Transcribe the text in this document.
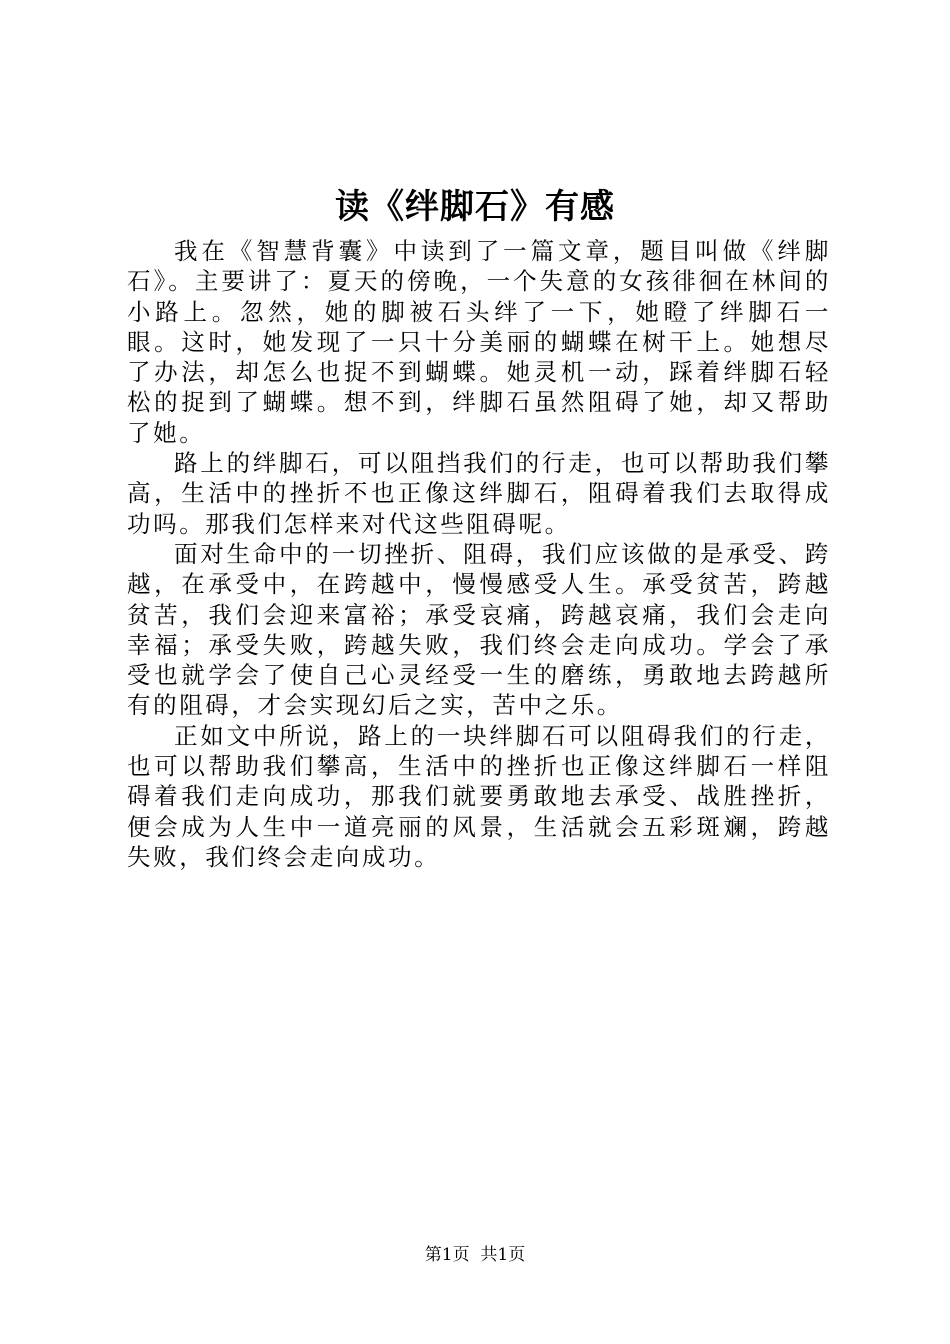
读《绊脚石》有感

我在《智慧背囊》中读到了一篇文章，题目叫做《绊脚石》。主要讲了：夏天的傍晚，一个失意的女孩徘徊在林间的小路上。忽然，她的脚被石头绊了一下，她瞪了绊脚石一眼。这时，她发现了一只十分美丽的蝴蝶在树干上。她想尽了办法，却怎么也捉不到蝴蝶。她灵机一动，踩着绊脚石轻松的捉到了蝴蝶。想不到，绊脚石虽然阻碍了她，却又帮助了她。

路上的绊脚石，可以阻挡我们的行走，也可以帮助我们攀高，生活中的挫折不也正像这绊脚石，阻碍着我们去取得成功吗。那我们怎样来对代这些阻碍呢。

面对生命中的一切挫折、阻碍，我们应该做的是承受、跨越，在承受中，在跨越中，慢慢感受人生。承受贫苦，跨越贫苦，我们会迎来富裕；承受哀痛，跨越哀痛，我们会走向幸福；承受失败，跨越失败，我们终会走向成功。学会了承受也就学会了使自己心灵经受一生的磨练，勇敢地去跨越所有的阻碍，才会实现幻后之实，苦中之乐。

正如文中所说，路上的一块绊脚石可以阻碍我们的行走，也可以帮助我们攀高，生活中的挫折也正像这绊脚石一样阻碍着我们走向成功，那我们就要勇敢地去承受、战胜挫折，便会成为人生中一道亮丽的风景，生活就会五彩斑斓，跨越失败，我们终会走向成功。

第1页  共1页
